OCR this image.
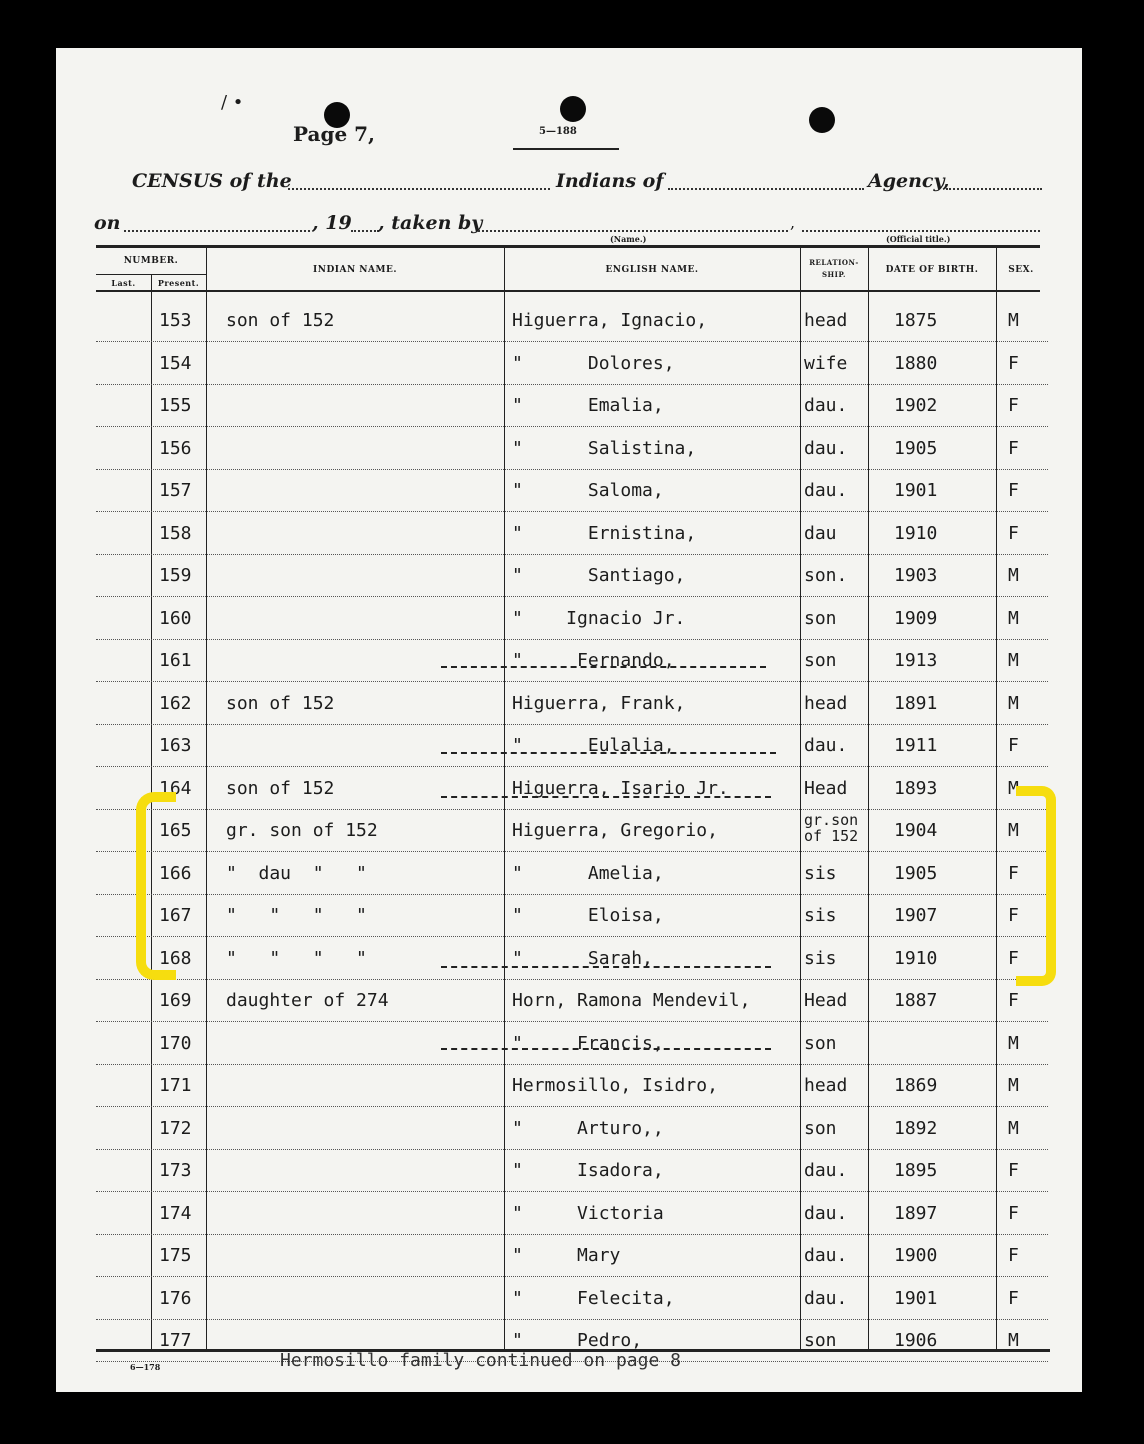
/ •
Page 7,	5—188
CENSUS of the	Indians of	Agency,
on	, 19 , taken by	,
(Name.)	(Official title.)
NUMBER.
Last.	Present.
INDIAN NAME.	ENGLISH NAME.
RELATION-
SHIP.	DATE OF BIRTH.	SEX.
153 son of 152	Higuerra, Ignacio,	head	1875	M
154	"      Dolores,	wife	1880	F
155	"      Emalia,	dau.	1902	F
156	"      Salistina,	dau.	1905	F
157	"      Saloma,	dau.	1901	F
158	"      Ernistina,	dau	1910	F
159	"      Santiago,	son.	1903	M
160	"    Ignacio Jr.	son	1909	M
161	"     Fernando,	son	1913	M
162 son of 152	Higuerra, Frank,	head	1891	M
163	"      Eulalia,	dau.	1911	F
164 son of 152	Higuerra, Isario Jr.	Head	1893	M
165 gr. son of 152	Higuerra, Gregorio,	gr.son of 152	1904	M
166 "  dau  "   "	"      Amelia,	sis	1905	F
167 "   "   "   "	"      Eloisa,	sis	1907	F
168 "   "   "   "	"      Sarah,	sis	1910	F
169 daughter of 274	Horn, Ramona Mendevil,	Head	1887	F
170	"     Francis,	son	M
171	Hermosillo, Isidro,	head	1869	M
172	"     Arturo,,	son	1892	M
173	"     Isadora,	dau.	1895	F
174	"     Victoria	dau.	1897	F
175	"     Mary	dau.	1900	F
176	"     Felecita,	dau.	1901	F
177	"     Pedro,	son	1906	M
6—178	Hermosillo family continued on page 8
